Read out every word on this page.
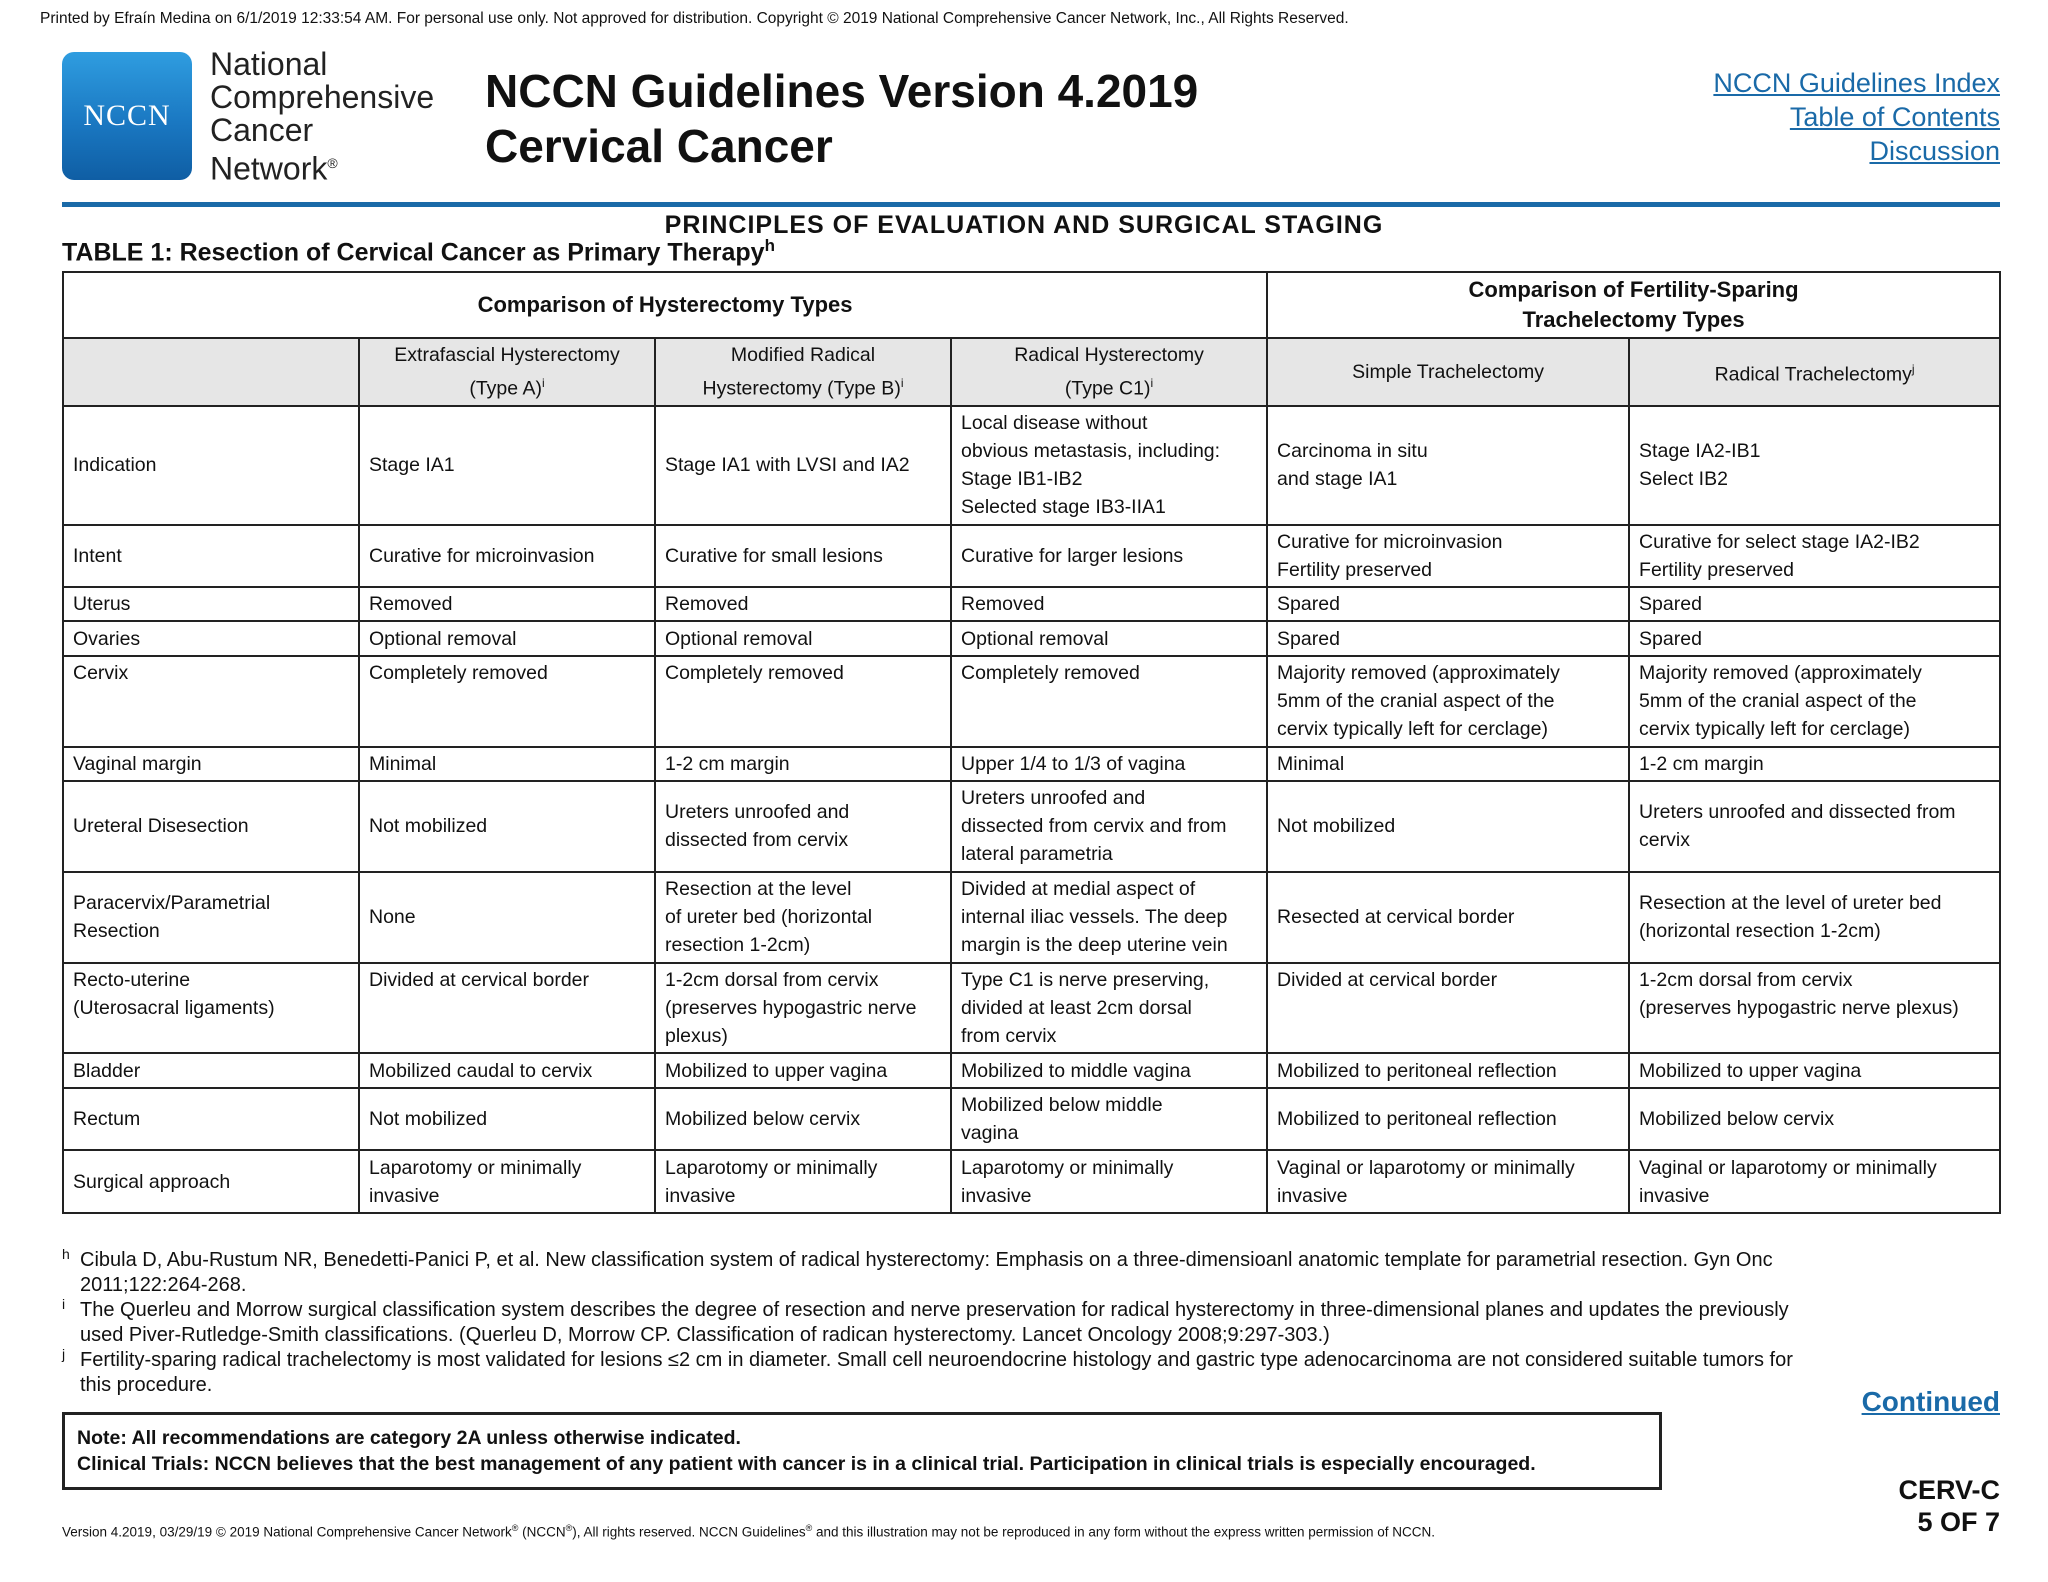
Printed by Efraín Medina on 6/1/2019 12:33:54 AM. For personal use only. Not approved for distribution. Copyright © 2019 National Comprehensive Cancer Network, Inc., All Rights Reserved.
NCCN
National
Comprehensive
Cancer
Network®
NCCN Guidelines Version 4.2019
Cervical Cancer
NCCN Guidelines Index
Table of Contents
Discussion
PRINCIPLES OF EVALUATION AND SURGICAL STAGING
TABLE 1: Resection of Cervical Cancer as Primary Therapy$^h$
Comparison of Hysterectomy Types				Comparison of Fertility-Sparing
Trachelectomy Types	
	Extrafascial Hysterectomy
(Type A)$^i$	Modified Radical
Hysterectomy (Type B)$^i$	Radical Hysterectomy
(Type C1)$^i$	Simple Trachelectomy	Radical Trachelectomy$^j$
Indication	Stage IA1	Stage IA1 with LVSI and IA2	Local disease without
obvious metastasis, including:
Stage IB1-IB2
Selected stage IB3-IIA1	Carcinoma in situ
and stage IA1	Stage IA2-IB1
Select IB2
Intent	Curative for microinvasion	Curative for small lesions	Curative for larger lesions	Curative for microinvasion
Fertility preserved	Curative for select stage IA2-IB2
Fertility preserved
Uterus	Removed	Removed	Removed	Spared	Spared
Ovaries	Optional removal	Optional removal	Optional removal	Spared	Spared
Cervix	Completely removed	Completely removed	Completely removed	Majority removed (approximately
5mm of the cranial aspect of the
cervix typically left for cerclage)	Majority removed (approximately
5mm of the cranial aspect of the
cervix typically left for cerclage)
Vaginal margin	Minimal	1-2 cm margin	Upper 1/4 to 1/3 of vagina	Minimal	1-2 cm margin
Ureteral Disesection	Not mobilized	Ureters unroofed and
dissected from cervix	Ureters unroofed and
dissected from cervix and from
lateral parametria	Not mobilized	Ureters unroofed and dissected from
cervix
Paracervix/Parametrial
Resection	None	Resection at the level
of ureter bed (horizontal
resection 1-2cm)	Divided at medial aspect of
internal iliac vessels. The deep
margin is the deep uterine vein	Resected at cervical border	Resection at the level of ureter bed
(horizontal resection 1-2cm)
Recto-uterine
(Uterosacral ligaments)	Divided at cervical border	1-2cm dorsal from cervix
(preserves hypogastric nerve
plexus)	Type C1 is nerve preserving,
divided at least 2cm dorsal
from cervix	Divided at cervical border	1-2cm dorsal from cervix
(preserves hypogastric nerve plexus)
Bladder	Mobilized caudal to cervix	Mobilized to upper vagina	Mobilized to middle vagina	Mobilized to peritoneal reflection	Mobilized to upper vagina
Rectum	Not mobilized	Mobilized below cervix	Mobilized below middle
vagina	Mobilized to peritoneal reflection	Mobilized below cervix
Surgical approach	Laparotomy or minimally
invasive	Laparotomy or minimally
invasive	Laparotomy or minimally
invasive	Vaginal or laparotomy or minimally
invasive	Vaginal or laparotomy or minimally
invasive
h Cibula D, Abu-Rustum NR, Benedetti-Panici P, et al. New classification system of radical hysterectomy: Emphasis on a three-dimensioanl anatomic template for parametrial resection. Gyn Onc
2011;122:264-268.
i The Querleu and Morrow surgical classification system describes the degree of resection and nerve preservation for radical hysterectomy in three-dimensional planes and updates the previously
used Piver-Rutledge-Smith classifications. (Querleu D, Morrow CP. Classification of radican hysterectomy. Lancet Oncology 2008;9:297-303.)
j Fertility-sparing radical trachelectomy is most validated for lesions ≤2 cm in diameter. Small cell neuroendocrine histology and gastric type adenocarcinoma are not considered suitable tumors for
this procedure.
Continued
Note: All recommendations are category 2A unless otherwise indicated.
Clinical Trials: NCCN believes that the best management of any patient with cancer is in a clinical trial. Participation in clinical trials is especially encouraged.
CERV-C
5 OF 7
Version 4.2019, 03/29/19 © 2019 National Comprehensive Cancer Network® (NCCN®), All rights reserved. NCCN Guidelines® and this illustration may not be reproduced in any form without the express written permission of NCCN.
